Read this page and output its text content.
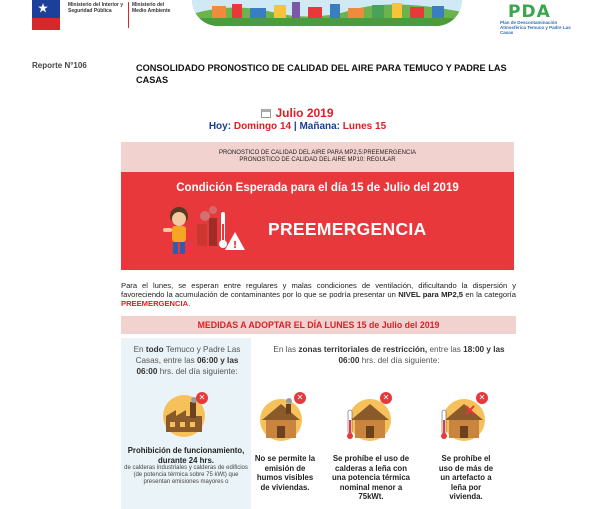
Ministerio del Interior y Seguridad Pública
Ministerio del Medio Ambiente	PDA
Plan de Descontaminación Atmosférica Temuco y Padre Las Casas
Reporte N°106	CONSOLIDADO PRONOSTICO DE CALIDAD DEL AIRE PARA TEMUCO Y PADRE LAS CASAS
Julio 2019
Hoy: Domingo 14 | Mañana: Lunes 15
PRONOSTICO DE CALIDAD DEL AIRE PARA MP2,5:PREEMERGENCIA
PRONOSTICO DE CALIDAD DEL AIRE MP10: REGULAR
Condición Esperada para el día 15 de Julio del 2019
!
PREEMERGENCIA
Para el lunes, se esperan entre regulares y malas condiciones de ventilación, dificultando la dispersión y favoreciendo la acumulación de contaminantes por lo que se podría presentar un NIVEL para MP2,5 en la categoría PREEMERGENCIA.
MEDIDAS A ADOPTAR EL DÍA LUNES 15 de Julio del 2019
En todo Temuco y Padre Las Casas, entre las 06:00 y las 06:00 hrs. del día siguiente:
En las zonas territoriales de restricción, entre las 18:00 y las 06:00 hrs. del día siguiente:
✕	✕	✕	✕
Prohibición de funcionamiento, durante 24 hrs.
de calderas industriales y calderas de edificios (de potencia térmica sobre 75 kWt) que presentan emisiones mayores o
No se permite la emisión de humos visibles de viviendas.
Se prohíbe el uso de calderas a leña con una potencia térmica nominal menor a 75kWt.
Se prohíbe el uso de más de un artefacto a leña por vivienda.
